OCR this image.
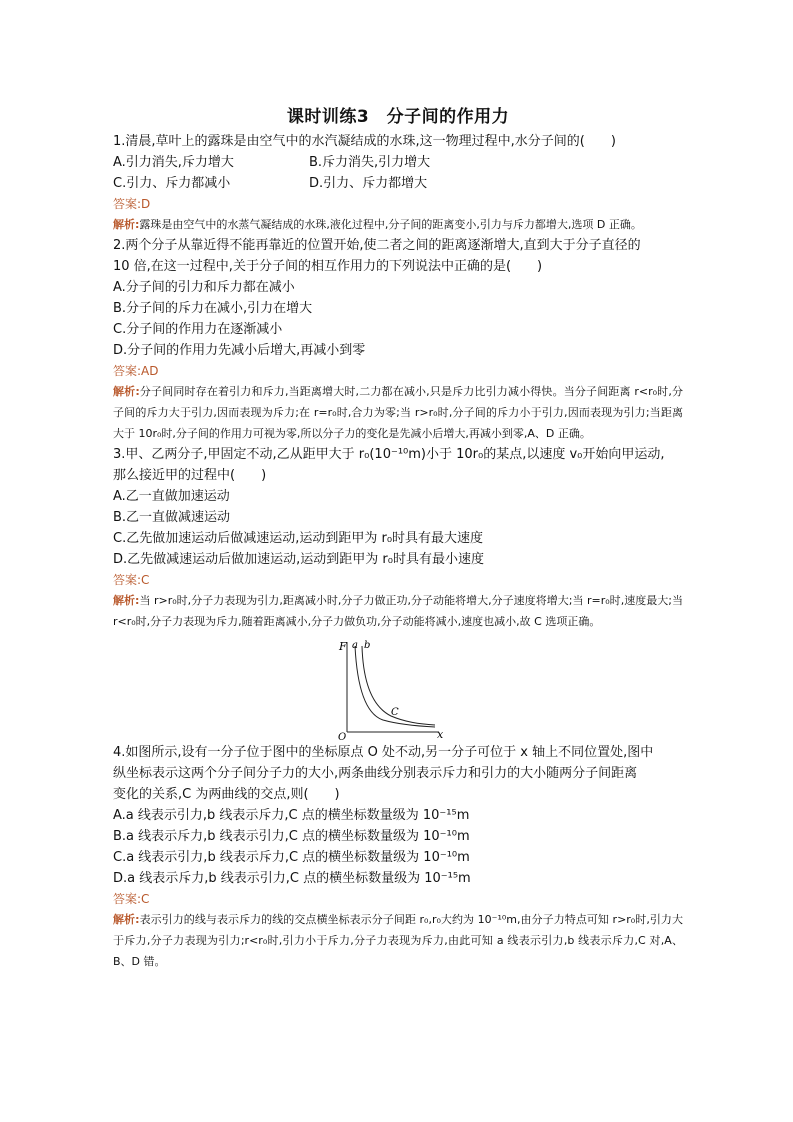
课时训练3　分子间的作用力
1.清晨,草叶上的露珠是由空气中的水汽凝结成的水珠,这一物理过程中,水分子间的(　　)
A.引力消失,斥力增大	B.斥力消失,引力增大
C.引力、斥力都减小	D.引力、斥力都增大
答案:D
解析:露珠是由空气中的水蒸气凝结成的水珠,液化过程中,分子间的距离变小,引力与斥力都增大,选项 D 正确。
2.两个分子从靠近得不能再靠近的位置开始,使二者之间的距离逐渐增大,直到大于分子直径的
10 倍,在这一过程中,关于分子间的相互作用力的下列说法中正确的是(　　)
A.分子间的引力和斥力都在减小
B.分子间的斥力在减小,引力在增大
C.分子间的作用力在逐渐减小
D.分子间的作用力先减小后增大,再减小到零
答案:AD
解析:分子间同时存在着引力和斥力,当距离增大时,二力都在减小,只是斥力比引力减小得快。当分子间距离 r<r₀时,分子间的斥力大于引力,因而表现为斥力;在 r=r₀时,合力为零;当 r>r₀时,分子间的斥力小于引力,因而表现为引力;当距离大于 10r₀时,分子间的作用力可视为零,所以分子力的变化是先减小后增大,再减小到零,A、D 正确。
3.甲、乙两分子,甲固定不动,乙从距甲大于 r₀(10⁻¹⁰m)小于 10r₀的某点,以速度 v₀开始向甲运动,
那么接近甲的过程中(　　)
A.乙一直做加速运动
B.乙一直做减速运动
C.乙先做加速运动后做减速运动,运动到距甲为 r₀时具有最大速度
D.乙先做减速运动后做加速运动,运动到距甲为 r₀时具有最小速度
答案:C
解析:当 r>r₀时,分子力表现为引力,距离减小时,分子力做正功,分子动能将增大,分子速度将增大;当 r=r₀时,速度最大;当 r<r₀时,分子力表现为斥力,随着距离减小,分子力做负功,分子动能将减小,速度也减小,故 C 选项正确。
F
x
O
a b
C
4.如图所示,设有一分子位于图中的坐标原点 O 处不动,另一分子可位于 x 轴上不同位置处,图中
纵坐标表示这两个分子间分子力的大小,两条曲线分别表示斥力和引力的大小随两分子间距离
变化的关系,C 为两曲线的交点,则(　　)
A.a 线表示引力,b 线表示斥力,C 点的横坐标数量级为 10⁻¹⁵m
B.a 线表示斥力,b 线表示引力,C 点的横坐标数量级为 10⁻¹⁰m
C.a 线表示引力,b 线表示斥力,C 点的横坐标数量级为 10⁻¹⁰m
D.a 线表示斥力,b 线表示引力,C 点的横坐标数量级为 10⁻¹⁵m
答案:C
解析:表示引力的线与表示斥力的线的交点横坐标表示分子间距 r₀,r₀大约为 10⁻¹⁰m,由分子力特点可知 r>r₀时,引力大于斥力,分子力表现为引力;r<r₀时,引力小于斥力,分子力表现为斥力,由此可知 a 线表示引力,b 线表示斥力,C 对,A、B、D 错。
